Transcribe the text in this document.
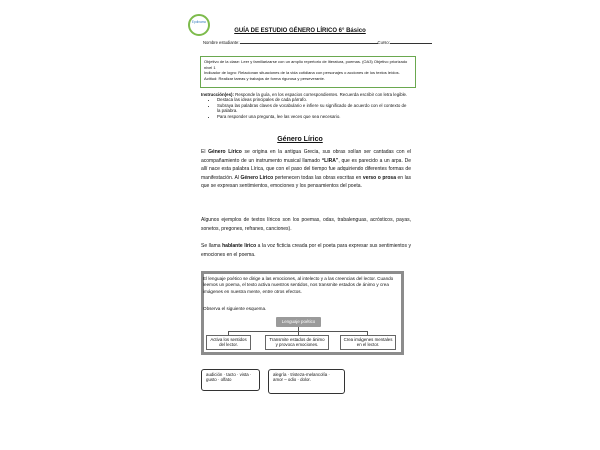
Epdinamo
GUÍA DE ESTUDIO GÉNERO LÍRICO 6° Básico
Nombre estudiante:	Curso:
Objetivo de la clase: Leer y familiarizarse con un amplio repertorio de literatura, poemas. (OA3) Objetivo priorizado
nivel 1
Indicador de logro: Relacionan situaciones de la vida cotidiana con personajes o acciones de los textos leídos.
Actitud: Realizar tareas y trabajos de forma rigurosa y perseverante.
Instrucción(es): Responde la guía, en los espacios correspondientes. Recuerda escribir con letra legible.
• Destaca las ideas principales de cada párrafo.
• Subraya las palabras claves de vocabulario e infiere su significado de acuerdo con el contexto de la palabra.
• Para responder una pregunta, lee las veces que sea necesario.
Género Lírico
El Género Lírico se origina en la antigua Grecia, sus obras solían ser cantadas con el acompañamiento de un instrumento musical llamado “LIRA”, que es parecido a un arpa. De allí nace esta palabra Lírica, que con el paso del tiempo fue adquiriendo diferentes formas de manifestación. Al Género Lírico pertenecen todas las obras escritas en verso o prosa en las que se expresan sentimientos, emociones y los pensamientos del poeta.
Algunos ejemplos de textos líricos son los poemas, odas, trabalenguas, acrósticos, payas, sonetos, pregones, refranes, canciones).
Se llama hablante lírico a la voz ficticia creada por el poeta para expresar sus sentimientos y emociones en el poema.
El lenguaje poético se dirige a las emociones, al intelecto y a las creencias del lector. Cuando leemos un poema, el texto activa nuestros sentidos, nos transmite estados de ánimo y crea imágenes en nuestra mente, entre otros efectos.
Observa el siguiente esquema.
Lenguaje poético
Activa los sentidos del lector.
Transmite estados de ánimo y provoca emociones.
Crea imágenes mentales en el lector.
audición · tacto · vista · gusto · olfato
alegría · tristeza-melancolía · amor – odio · dolor.
